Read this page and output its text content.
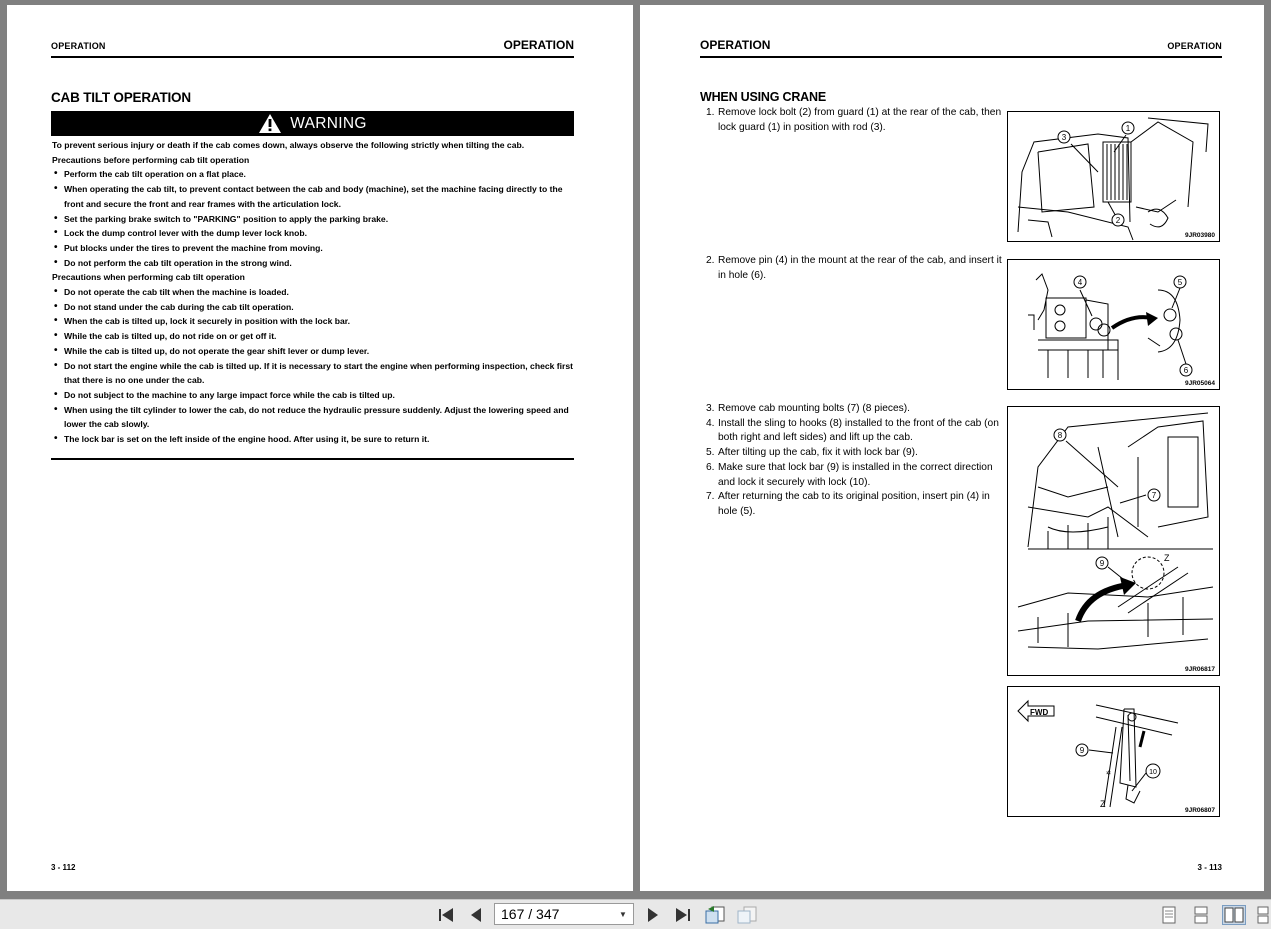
OPERATION	OPERATION
CAB TILT OPERATION
WARNING
To prevent serious injury or death if the cab comes down, always observe the following strictly when tilting the cab.
Precautions before performing cab tilt operation
• Perform the cab tilt operation on a flat place.
• When operating the cab tilt, to prevent contact between the cab and body (machine), set the machine facing directly to the front and secure the front and rear frames with the articulation lock.
• Set the parking brake switch to "PARKING" position to apply the parking brake.
• Lock the dump control lever with the dump lever lock knob.
• Put blocks under the tires to prevent the machine from moving.
• Do not perform the cab tilt operation in the strong wind.
Precautions when performing cab tilt operation
• Do not operate the cab tilt when the machine is loaded.
• Do not stand under the cab during the cab tilt operation.
• When the cab is tilted up, lock it securely in position with the lock bar.
• While the cab is tilted up, do not ride on or get off it.
• While the cab is tilted up, do not operate the gear shift lever or dump lever.
• Do not start the engine while the cab is tilted up. If it is necessary to start the engine when performing inspection, check first that there is no one under the cab.
• Do not subject to the machine to any large impact force while the cab is tilted up.
• When using the tilt cylinder to lower the cab, do not reduce the hydraulic pressure suddenly. Adjust the lowering speed and lower the cab slowly.
• The lock bar is set on the left inside of the engine hood. After using it, be sure to return it.
3 - 112
OPERATION	OPERATION
WHEN USING CRANE
3
1
2
9JR03980
4	5
6
9JR05064
8
7
9
Z
9JR06817
FWD
9
10
Z
✲
9JR06807
3 - 113
1. Remove lock bolt (2) from guard (1) at the rear of the cab, then lock guard (1) in position with rod (3).
2. Remove pin (4) in the mount at the rear of the cab, and insert it in hole (6).
3. Remove cab mounting bolts (7) (8 pieces).
4. Install the sling to hooks (8) installed to the front of the cab (on both right and left sides) and lift up the cab.
5. After tilting up the cab, fix it with lock bar (9).
6. Make sure that lock bar (9) is installed in the correct direction and lock it securely with lock (10).
7. After returning the cab to its original position, insert pin (4) in hole (5).
167 / 347	▼
